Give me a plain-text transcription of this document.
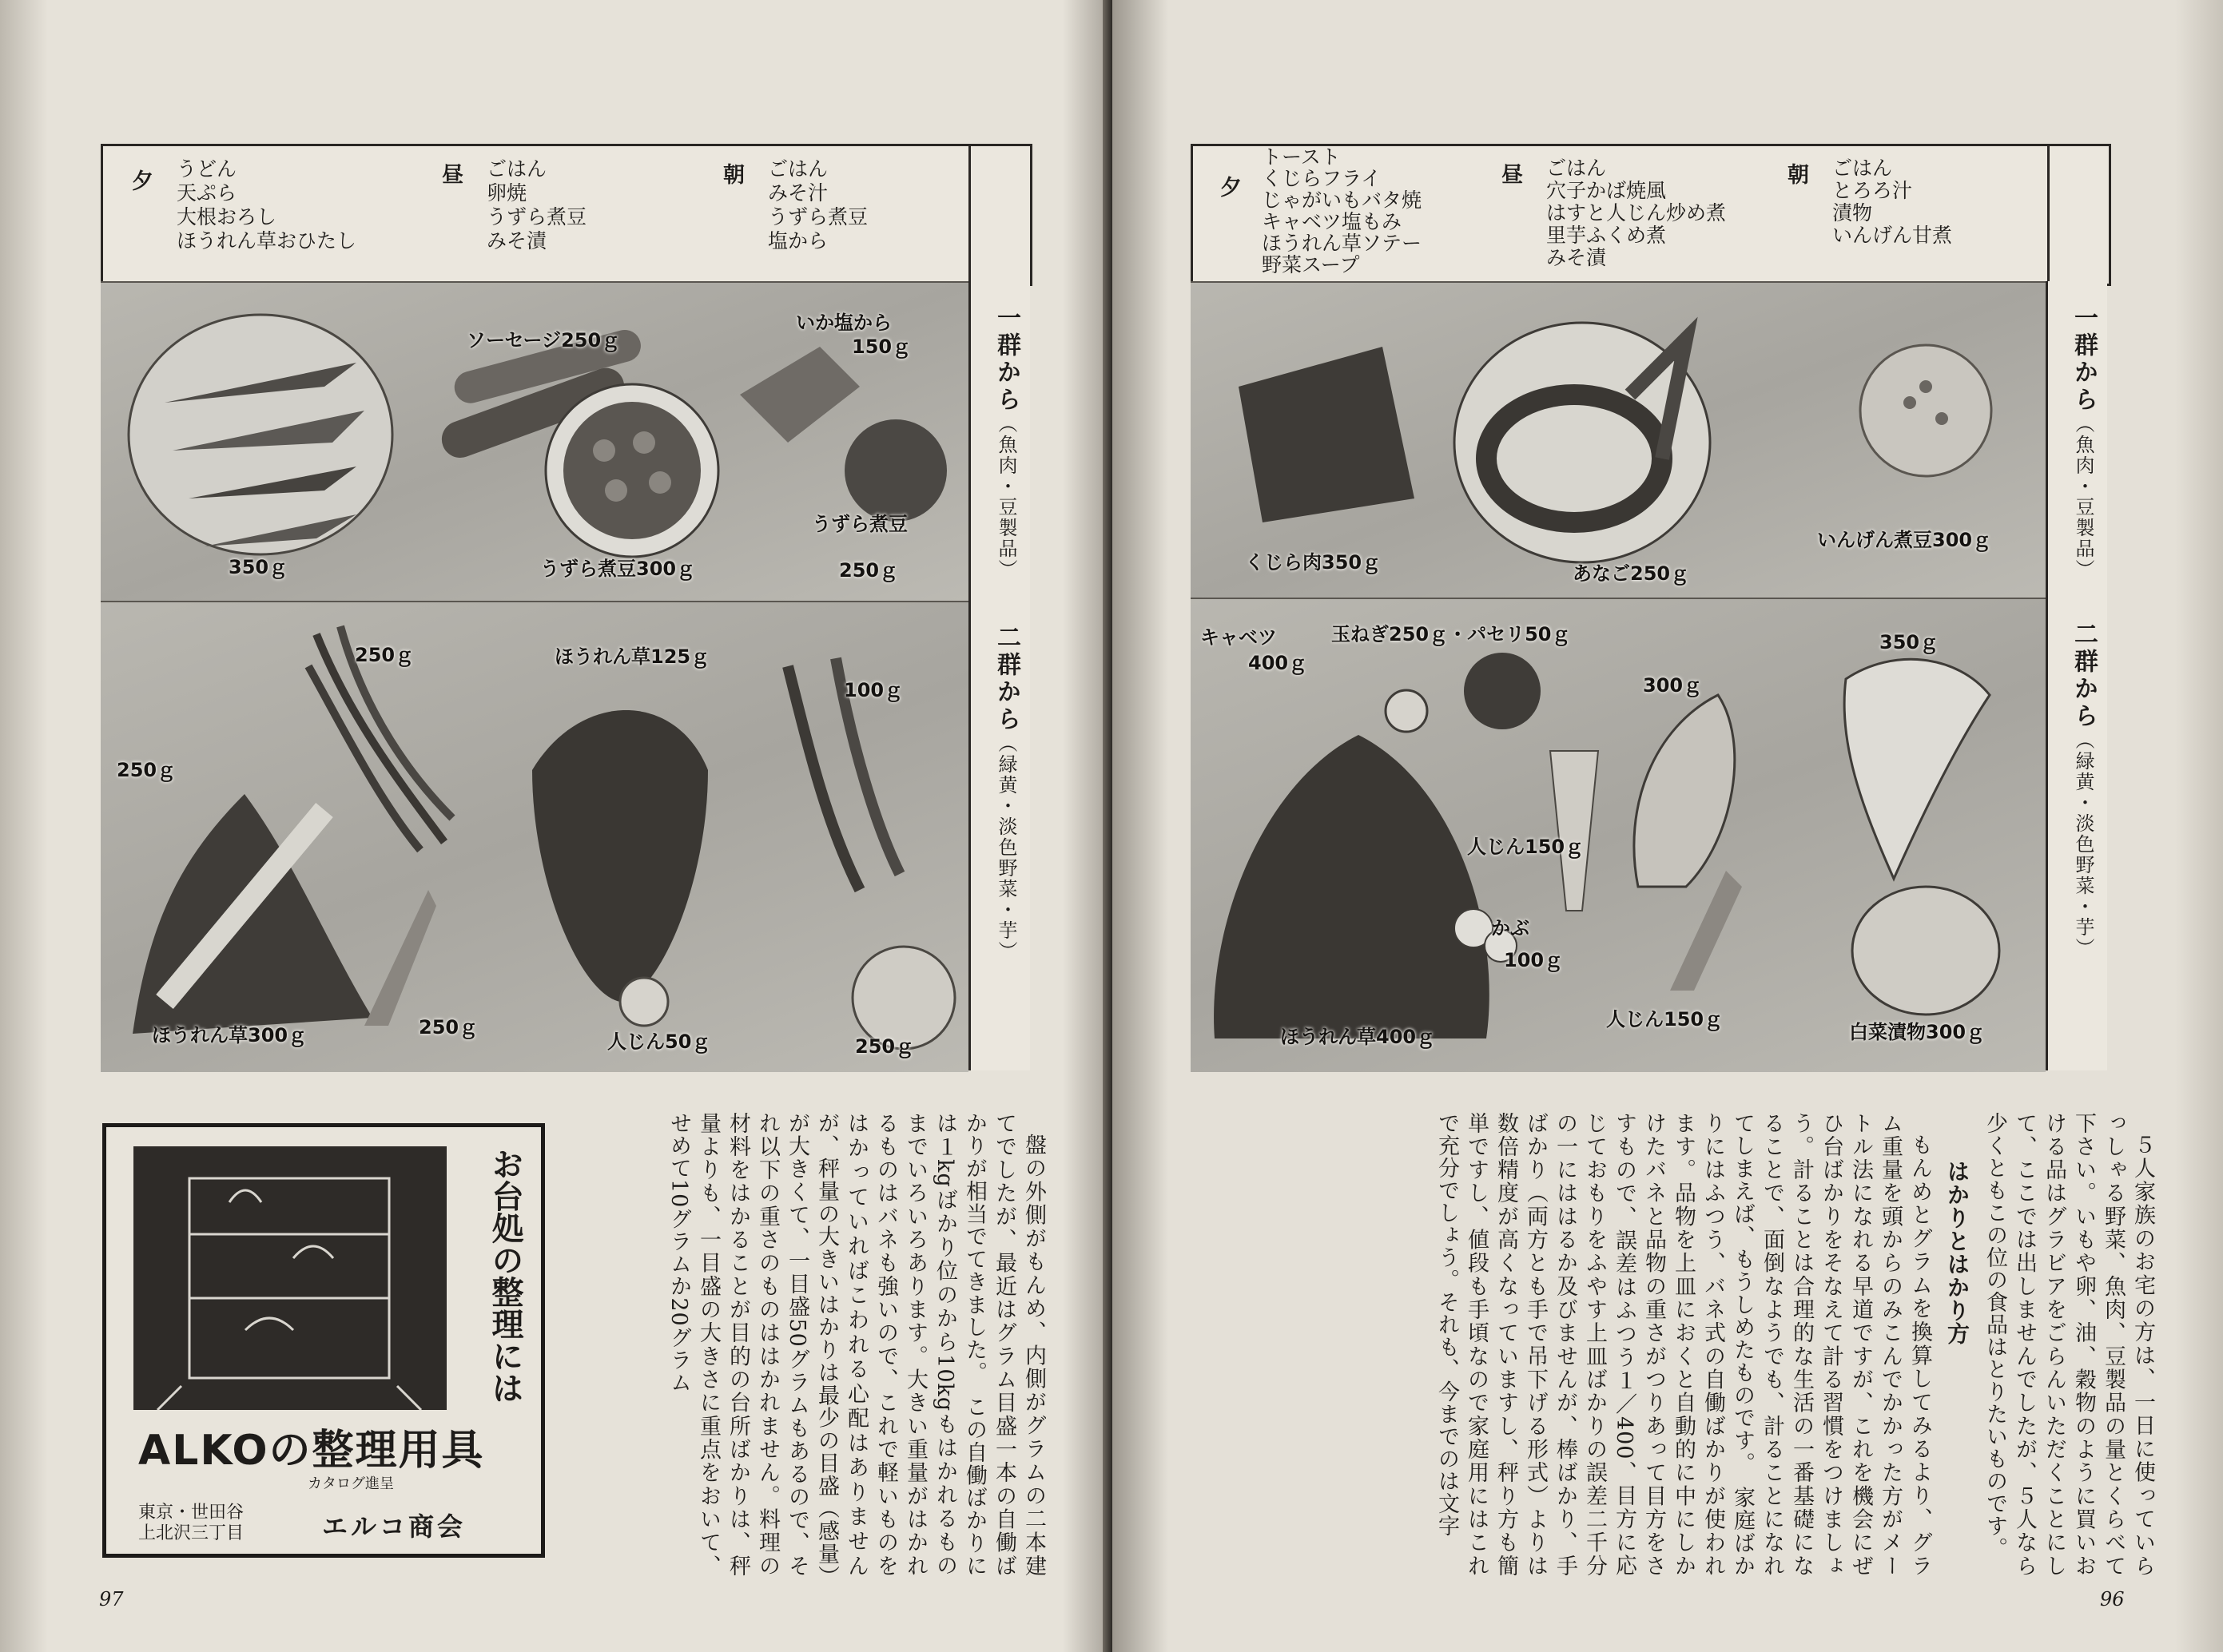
夕
うどん
天ぷら
大根おろし
ほうれん草おひたし
昼 ごはん
卵焼
うずら煮豆
みそ漬
朝 ごはん
みそ汁
うずら煮豆
塩から
ソーセージ250ｇ
いか塩から
150ｇ
350ｇ	うずら煮豆300ｇ
うずら煮豆
250ｇ
一群から（魚肉・豆製品）
250ｇ	ほうれん草125ｇ
100ｇ
250ｇ
ほうれん草300ｇ	250ｇ
人じん50ｇ	250ｇ
二群から（緑黄・淡色野菜・芋）

盤の外側がもんめ、内側がグラムの二本建てでしたが、最近はグラム目盛一本の自働ばかりが相当でてきました。　この自働ばかりには１kgばかり位のから10kgもはかれるものまでいろいろあります。大きい重量がはかれるものはバネも強いので、これで軽いものをはかっていればこわれる心配はありませんが、秤量の大きいはかりは最少の目盛（感量）が大きくて、一目盛50グラムもあるので、それ以下の重さのものははかれません。料理の材料をはかることが目的の台所ばかりは、秤量よりも、一目盛の大きさに重点をおいて、せめて10グラムか20グラム

お台処の整理には
ALKOの整理用具
カタログ進呈
東京・世田谷
上北沢三丁目	エルコ商会
97
夕
トースト
くじらフライ
じゃがいもバタ焼
キャベツ塩もみ
ほうれん草ソテー
野菜スープ
昼 ごはん
穴子かば焼風
はすと人じん炒め煮
里芋ふくめ煮
みそ漬
朝 ごはん
とろろ汁
漬物
いんげん甘煮
くじら肉350ｇ	あなご250ｇ
いんげん煮豆300ｇ
一群から（魚肉・豆製品）
キャベツ
400ｇ
玉ねぎ250ｇ・パセリ50ｇ
300ｇ
350ｇ
人じん150ｇ
かぶ
100ｇ
ほうれん草400ｇ
人じん150ｇ
白菜漬物300ｇ
二群から（緑黄・淡色野菜・芋）

５人家族のお宅の方は、一日に使っていらっしゃる野菜、魚肉、豆製品の量とくらべて下さい。いもや卵、油、穀物のように買いおける品はグラビアをごらんいただくことにして、ここでは出しませんでしたが、５人なら少くともこの位の食品はとりたいものです。

はかりとはかり方

もんめとグラムを換算してみるより、グラム重量を頭からのみこんでかかった方がメートル法になれる早道ですが、これを機会にぜひ台ばかりをそなえて計る習慣をつけましょう。計ることは合理的な生活の一番基礎になることで、面倒なようでも、計ることになれてしまえば、もうしめたものです。　家庭ばかりにはふつう、バネ式の自働ばかりが使われます。品物を上皿におくと自動的に中にしかけたバネと品物の重さがつりあって目方をさすもので、誤差はふつう１／400、目方に応じておもりをふやす上皿ばかりの誤差二千分の一にははるか及びませんが、棒ばかり、手ばかり（両方とも手で吊下げる形式）よりは数倍精度が高くなっていますし、秤り方も簡単ですし、値段も手頃なので家庭用にはこれで充分でしょう。それも、今までのは文字

96
